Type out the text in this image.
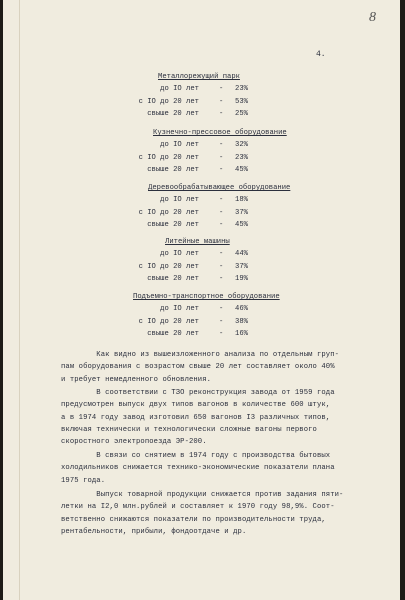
8
4.
Металлорежущий парк
до IO лет	- 23%
с IO до 20 лет	- 53%
свыше 20 лет	- 25%
Кузнечно-прессовое оборудование
до IO лет	- 32%
с IO до 20 лет	- 23%
свыше 20 лет	- 45%
Деревообрабатывающее оборудование
до IO лет	- 18%
с IO до 20 лет	- 37%
свыше 20 лет	- 45%
Литейные машины
до IO лет	- 44%
с IO до 20 лет	- 37%
свыше 20 лет	- 19%
Подъемно-транспортное оборудование
до IO лет	- 46%
с IO до 20 лет	- 38%
свыше 20 лет	- 16%
Как видно из вышеизложенного анализа по отдельным груп-
пам оборудования с возрастом свыше 20 лет составляет около 40%
и требует немедленного обновления.
В соответствии с ТЗО реконструкция завода от 1959 года
предусмотрен выпуск двух типов вагонов в количестве 600 штук,
а в 1974 году завод изготовил 650 вагонов I3 различных типов,
включая технически и технологически сложные вагоны первого
скоростного электропоезда ЭР-200.
В связи со снятием в 1974 году с производства бытовых
холодильников снижается технико-экономические показатели плана
1975 года.
Выпуск товарной продукции снижается против задания пяти-
летки на I2,0 млн.рублей и составляет к 1970 году 98,9%. Соот-
ветственно снижаются показатели по производительности труда,
рентабельности, прибыли, фондоотдаче и др.
